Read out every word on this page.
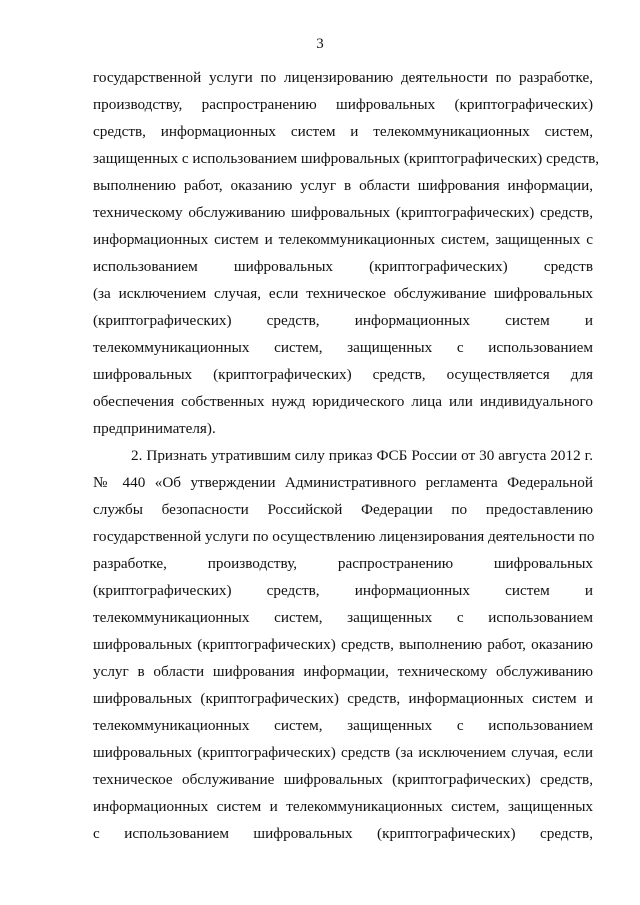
3
государственной услуги по лицензированию деятельности по разработке,
производству, распространению шифровальных (криптографических)
средств, информационных систем и телекоммуникационных систем,
защищенных с использованием шифровальных (криптографических) средств,
выполнению работ, оказанию услуг в области шифрования информации,
техническому обслуживанию шифровальных (криптографических) средств,
информационных систем и телекоммуникационных систем, защищенных с
использованием шифровальных (криптографических) средств
(за исключением случая, если техническое обслуживание шифровальных
(криптографических) средств, информационных систем и
телекоммуникационных систем, защищенных с использованием
шифровальных (криптографических) средств, осуществляется для
обеспечения собственных нужд юридического лица или индивидуального
предпринимателя).
2. Признать утратившим силу приказ ФСБ России от 30 августа 2012 г.
№ 440 «Об утверждении Административного регламента Федеральной
службы безопасности Российской Федерации по предоставлению
государственной услуги по осуществлению лицензирования деятельности по
разработке, производству, распространению шифровальных
(криптографических) средств, информационных систем и
телекоммуникационных систем, защищенных с использованием
шифровальных (криптографических) средств, выполнению работ, оказанию
услуг в области шифрования информации, техническому обслуживанию
шифровальных (криптографических) средств, информационных систем и
телекоммуникационных систем, защищенных с использованием
шифровальных (криптографических) средств (за исключением случая, если
техническое обслуживание шифровальных (криптографических) средств,
информационных систем и телекоммуникационных систем, защищенных
с использованием шифровальных (криптографических) средств,
